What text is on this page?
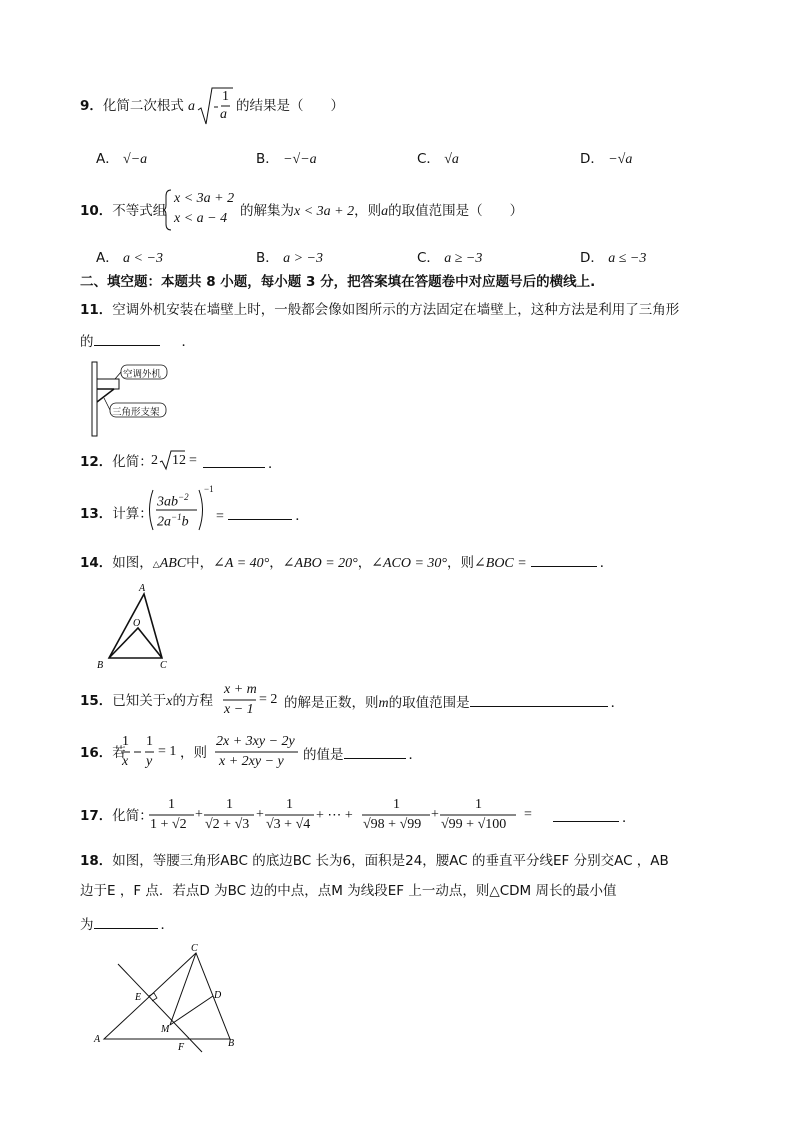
9．化简二次根式 a
1
a
的结果是（　　）
A． √−a	B． −√−a	C． √a	D． −√a
10．不等式组
x < 3a + 2
x < a − 4 的解集为x < 3a + 2，则a的取值范围是（　　）
A． a < −3	B． a > −3	C． a ≥ −3	D． a ≤ −3
二、填空题：本题共 8 小题，每小题 3 分，把答案填在答题卷中对应题号后的横线上.
11．空调外机安装在墙壁上时，一般都会像如图所示的方法固定在墙壁上，这种方法是利用了三角形
的	．
空调外机
三角形支架
12．化简：
2 12 =	．
13．计算：
$3ab^{-2}$
$2a^{-1}b$
−1
=	．
14．如图，△ABC中，∠A = 40°，∠ABO = 20°，∠ACO = 30°，则∠BOC =	．
A
O
B	C
15．已知关于x的方程
x + m
x − 1
= 2 的解是正数，则m的取值范围是	．
16．若
1
x
1
y
= 1 ，则
2x + 3xy − 2y
x + 2xy − y 的值是	．
17．化简：
1
1 + √2
+
1
√2 + √3
+
1
√3 + √4
+ ⋯ +
1
√98 + √99
+
1
√99 + √100
=	．
18．如图，等腰三角形ABC 的底边BC 长为6，面积是24，腰AC 的垂直平分线EF 分别交AC ，AB
边于E ，F 点．若点D 为BC 边的中点，点M 为线段EF 上一动点，则△CDM 周长的最小值
为	．
C
E	D
M
A
F	B
